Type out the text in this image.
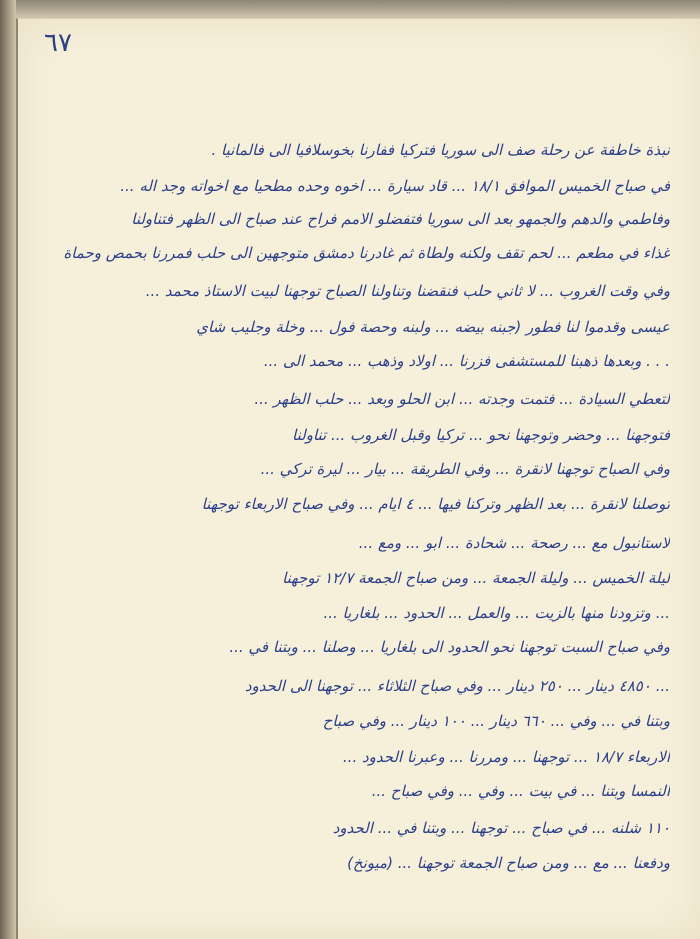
٦٧
نبذة خاطفة عن رحلة صف الى سوريا فتركيا ففارنا بخوسلافيا الى فالمانيا .
في صباح الخميس الموافق ١٨/١ ... قاد سيارة ... اخوه وحده مطحيا مع اخواته وجد اله ...
وفاطمي والدهم والجمهو بعد الى سوريا فتفضلو الامم فراح عند صباح الى الظهر فتناولنا
غذاء في مطعم ... لحم تقف ولكنه ولطاة ثم غادرنا دمشق متوجهين الى حلب فمررنا بحمص وحماة
وفي وقت الغروب ... لا ثاني حلب فنقضنا وتناولنا الصباح توجهنا لبيت الاستاذ محمد ...
عيسى وقدموا لنا فطور (جبنه بيضه ... ولبنه وحصة فول ... وخلة وجليب شاي
. . . وبعدها ذهبنا للمستشفى فزرنا ... اولاد وذهب ... محمد الى ...
لتعطي السيادة ... فتمت وجدته ... ابن الحلو وبعد ... حلب الظهر ...
فتوجهنا ... وحضر وتوجهنا نحو ... تركيا وقبل الغروب ... تناولنا
وفي الصباح توجهنا لانقرة ... وفي الطريقة ... بيار ... ليرة تركي ...
توصلنا لانقرة ... بعد الظهر وتركنا فيها ... ٤ ايام ... وفي صباح الاربعاء توجهنا
لاستانبول مع ... رصحة ... شحادة ... ابو ... ومع ...
ليلة الخميس ... وليلة الجمعة ... ومن صباح الجمعة ١٢/٧ توجهنا
... وتزودنا منها بالزيت ... والعمل ... الحدود ... بلغاريا ...
وفي صباح السبت توجهنا نحو الحدود الى بلغاريا ... وصلنا ... وبتنا في ...
... ٤٨٥٠ دينار ... ٢٥٠ دينار ... وفي صباح الثلاثاء ... توجهنا الى الحدود
وبتنا في ... وفي ... ٦٦٠ دينار ... ١٠٠ دينار ... وفي صباح
الاربعاء ١٨/٧ ... توجهنا ... ومررنا ... وعبرنا الحدود ...
النمسا وبتنا ... في بيت ... وفي ... وفي صباح ...
١١٠ شلنه ... في صباح ... توجهنا ... وبتنا في ... الحدود
ودفعنا ... مع ... ومن صباح الجمعة توجهنا ... (ميونخ)
